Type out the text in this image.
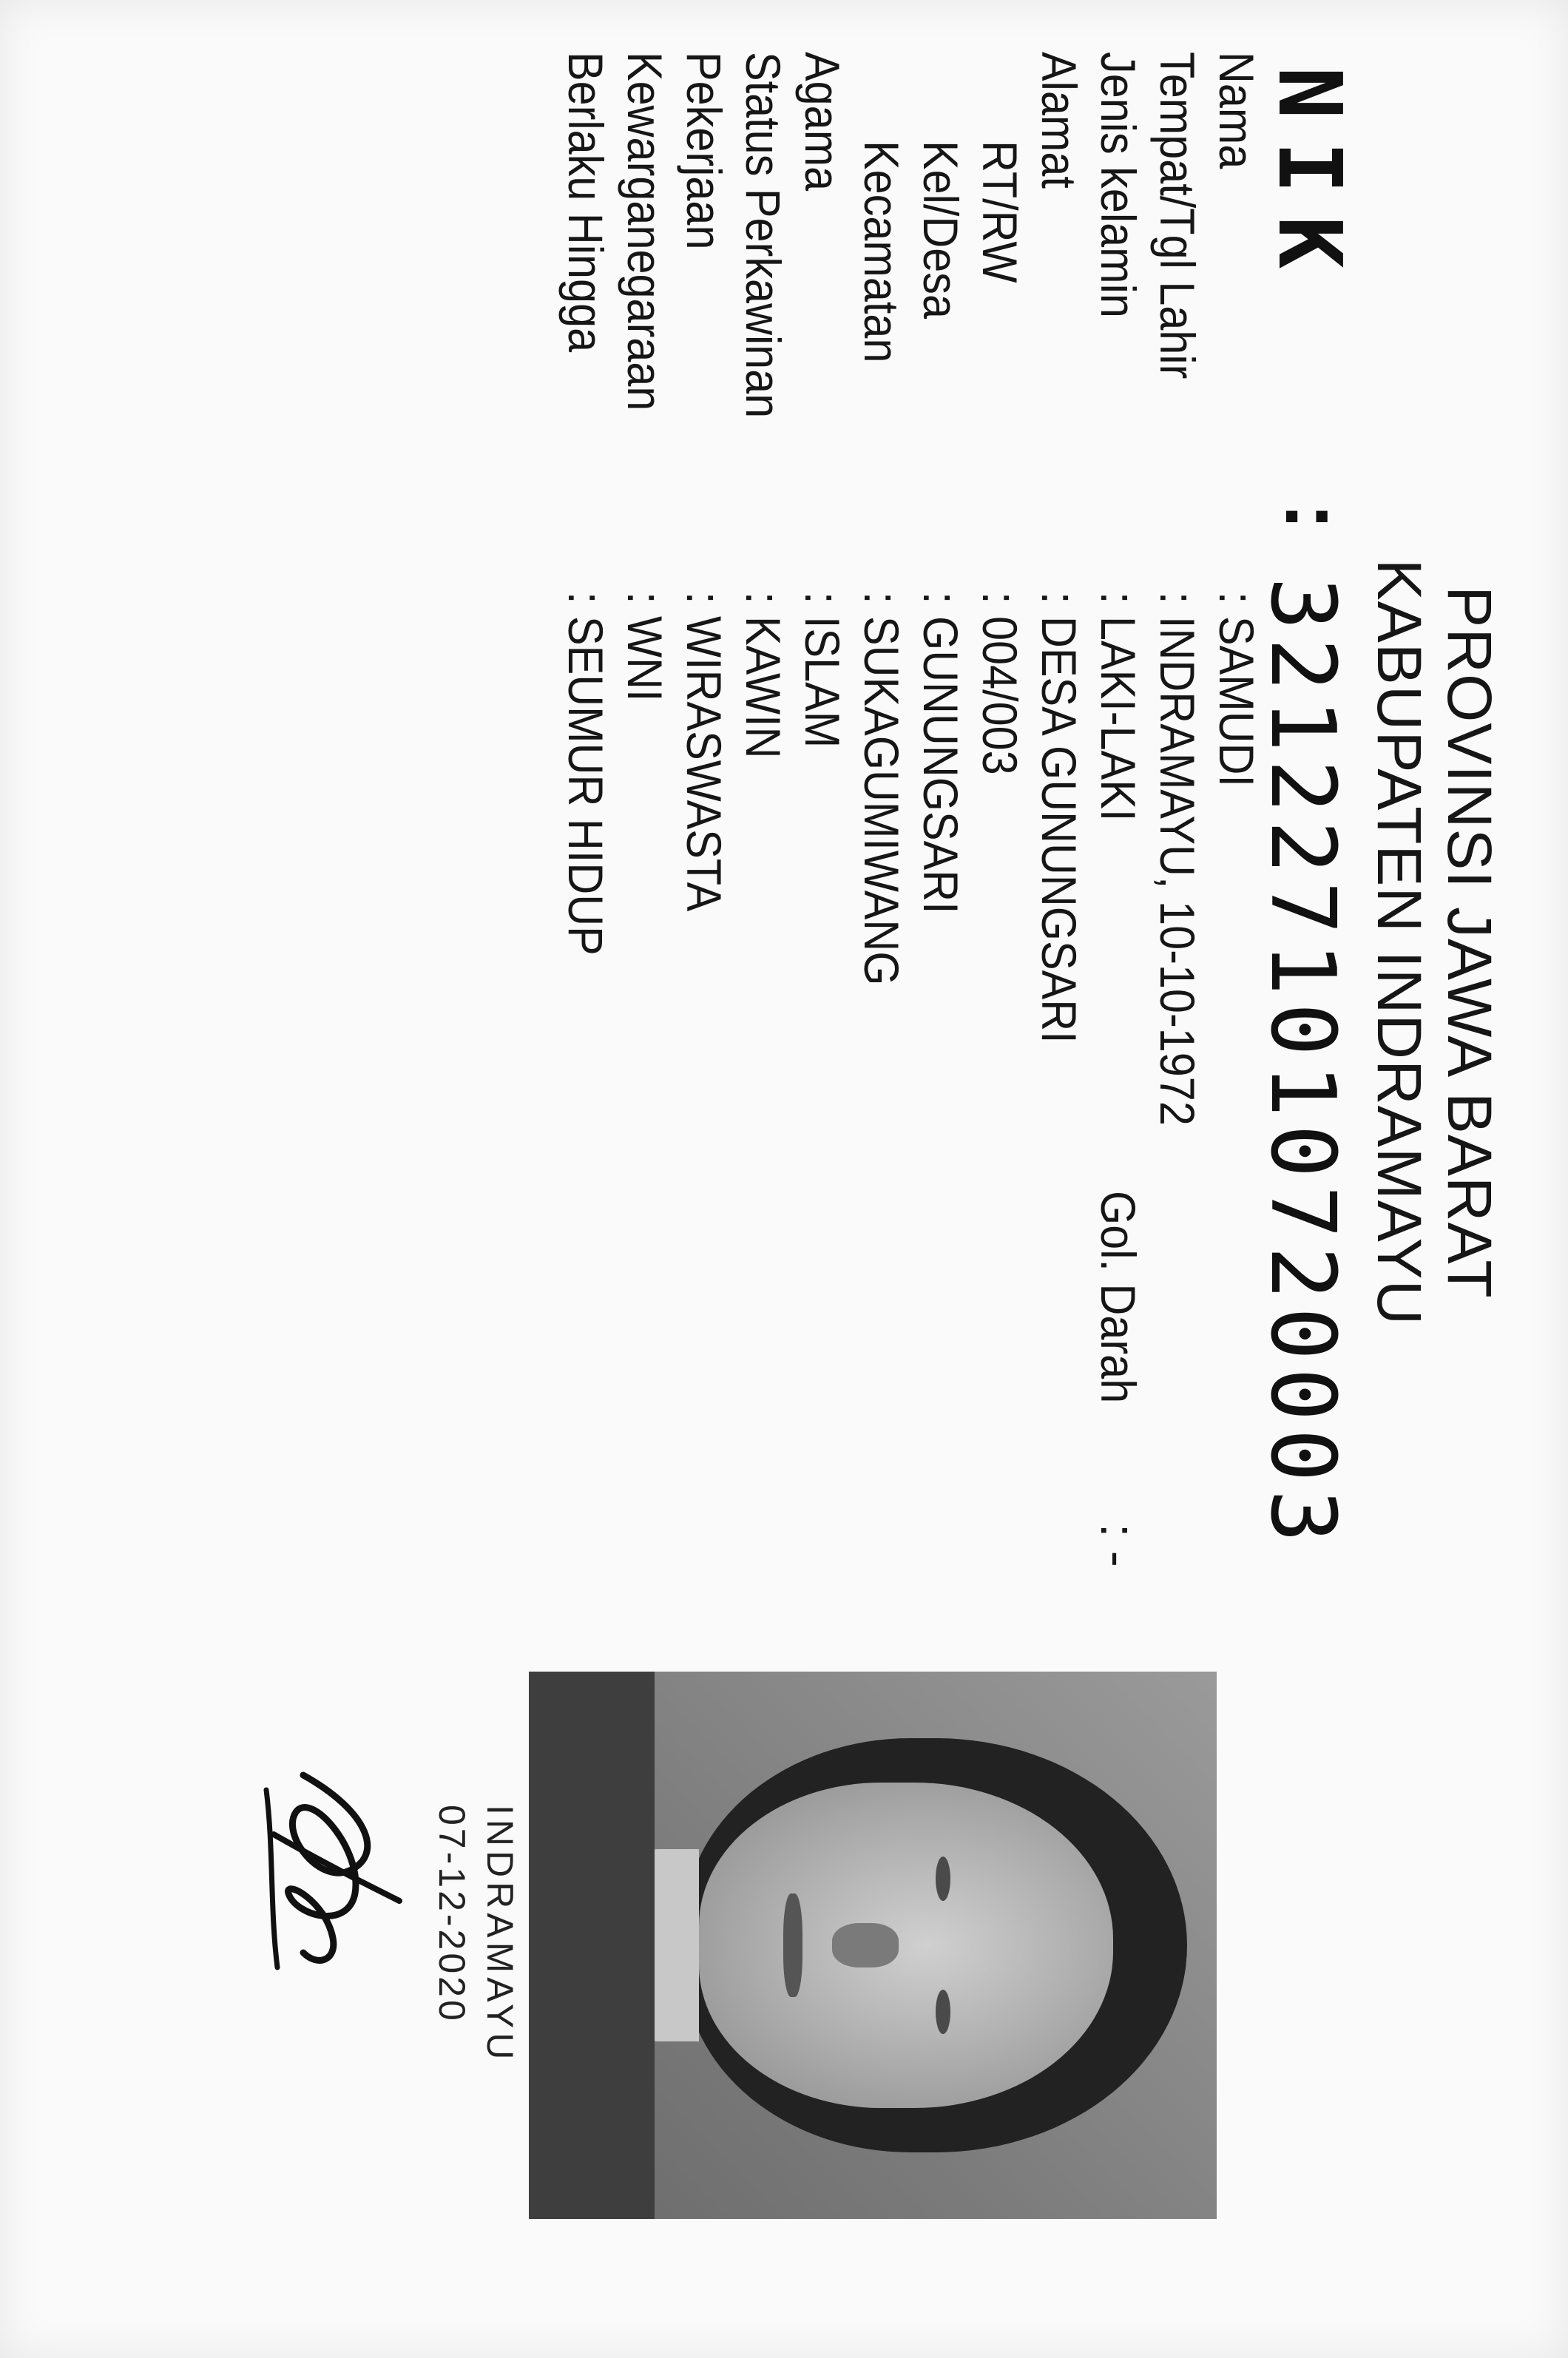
PROVINSI JAWA BARAT
KABUPATEN INDRAMAYU
NIK
:
3212271010720003
Nama
: SAMUDI
Tempat/Tgl Lahir
: INDRAMAYU, 10-10-1972
Jenis kelamin
: LAKI-LAKI
Gol. Darah
: -
Alamat
: DESA GUNUNGSARI
RT/RW
: 004/003
Kel/Desa
: GUNUNGSARI
Kecamatan
: SUKAGUMIWANG
Agama
: ISLAM
Status Perkawinan
: KAWIN
Pekerjaan
: WIRASWASTA
Kewarganegaraan
: WNI
Berlaku Hingga
: SEUMUR HIDUP
INDRAMAYU
07-12-2020
